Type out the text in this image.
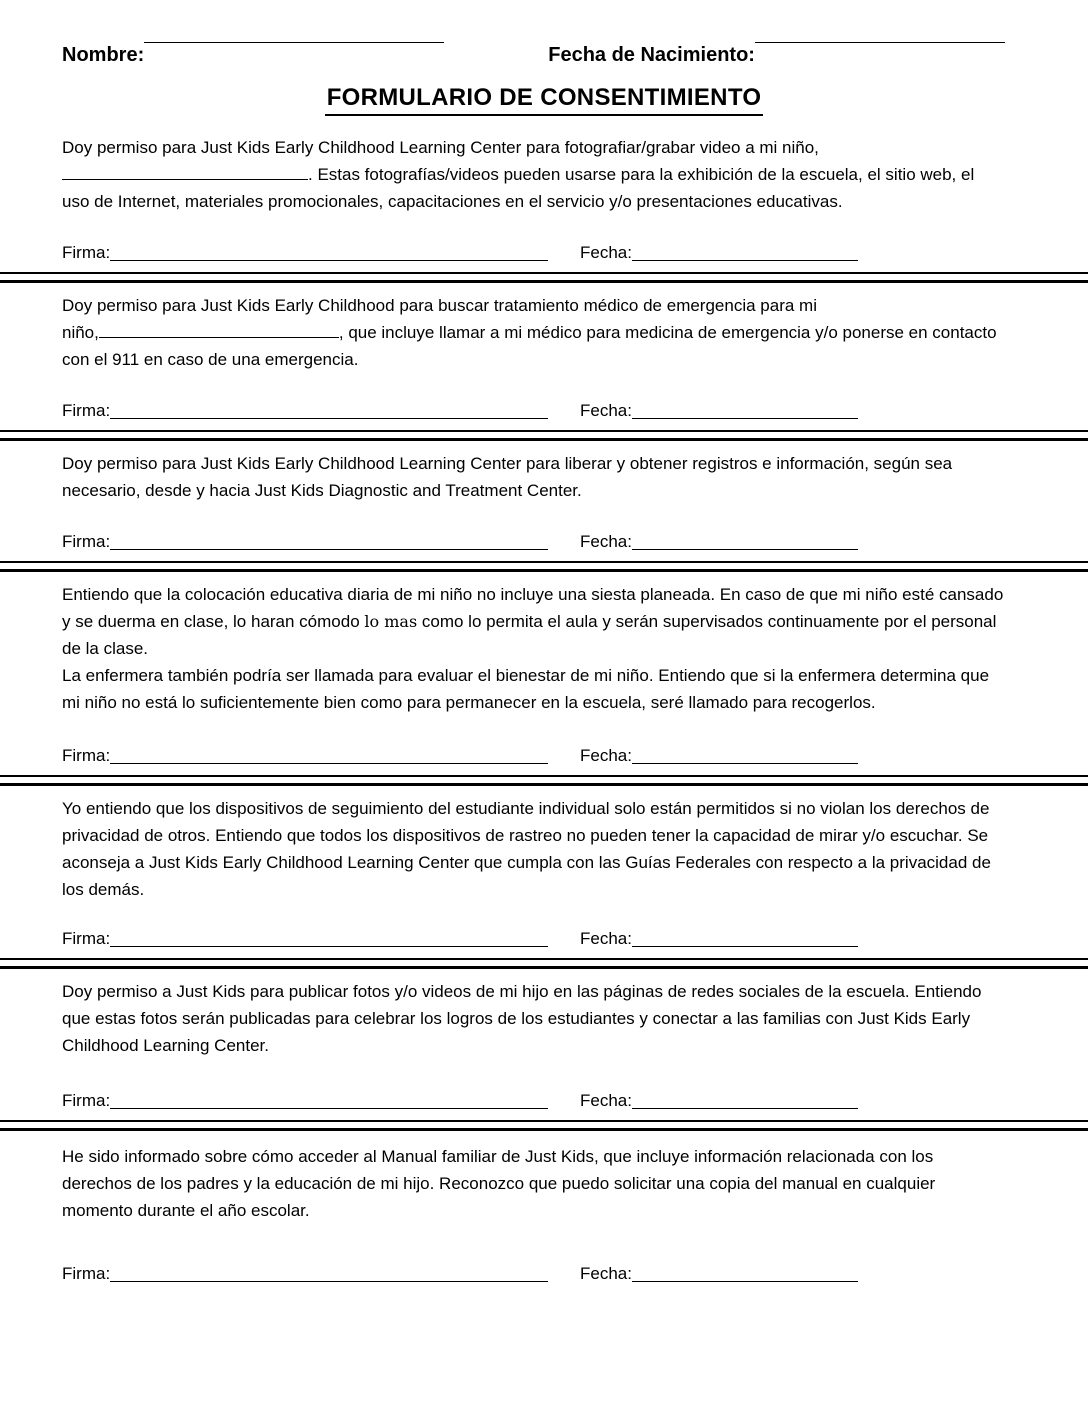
Nombre:	Fecha de Nacimiento:
FORMULARIO DE CONSENTIMIENTO

Doy permiso para Just Kids Early Childhood Learning Center para fotografiar/grabar video a mi niño, . Estas fotografías/videos pueden usarse para la exhibición de la escuela, el sitio web, el uso de Internet, materiales promocionales, capacitaciones en el servicio y/o presentaciones educativas.

Firma:	Fecha:

Doy permiso para Just Kids Early Childhood para buscar tratamiento médico de emergencia para mi
niño,	, que incluye llamar a mi médico para medicina de emergencia y/o ponerse en contacto con el 911 en caso de una emergencia.

Firma:	Fecha:

Doy permiso para Just Kids Early Childhood Learning Center para liberar y obtener registros e información, según sea necesario, desde y hacia Just Kids Diagnostic and Treatment Center.

Firma:	Fecha:

Entiendo que la colocación educativa diaria de mi niño no incluye una siesta planeada. En caso de que mi niño esté cansado y se duerma en clase, lo haran cómodo lo mas como lo permita el aula y serán supervisados continuamente por el personal de la clase.

La enfermera también podría ser llamada para evaluar el bienestar de mi niño. Entiendo que si la enfermera determina que mi niño no está lo suficientemente bien como para permanecer en la escuela, seré llamado para recogerlos.

Firma:	Fecha:

Yo entiendo que los dispositivos de seguimiento del estudiante individual solo están permitidos si no violan los derechos de privacidad de otros. Entiendo que todos los dispositivos de rastreo no pueden tener la capacidad de mirar y/o escuchar. Se aconseja a Just Kids Early Childhood Learning Center que cumpla con las Guías Federales con respecto a la privacidad de los demás.

Firma:	Fecha:

Doy permiso a Just Kids para publicar fotos y/o videos de mi hijo en las páginas de redes sociales de la escuela. Entiendo que estas fotos serán publicadas para celebrar los logros de los estudiantes y conectar a las familias con Just Kids Early Childhood Learning Center.

Firma:	Fecha:

He sido informado sobre cómo acceder al Manual familiar de Just Kids, que incluye información relacionada con los derechos de los padres y la educación de mi hijo. Reconozco que puedo solicitar una copia del manual en cualquier momento durante el año escolar.

Firma:	Fecha:
